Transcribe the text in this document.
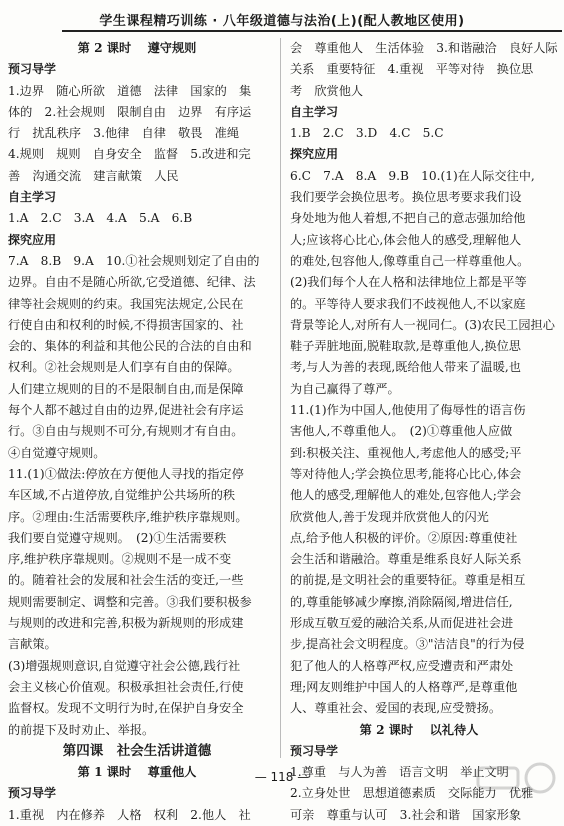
学生课程精巧训练 · 八年级道德与法治(上)(配人教地区使用)
第 2 课时　 遵守规则
预习导学
1.边界　随心所欲　道德　法律　国家的　集
体的　2.社会规则　限制自由　边界　有序运
行　扰乱秩序　3.他律　自律　敬畏　准绳
4.规则　规则　自身安全　监督　5.改进和完
善　沟通交流　建言献策　人民
自主学习
1.A　2.C　3.A　4.A　5.A　6.B
探究应用
7.A　8.B　9.A　10.①社会规则划定了自由的
边界。自由不是随心所欲,它受道德、纪律、法
律等社会规则的约束。我国宪法规定,公民在
行使自由和权利的时候,不得损害国家的、社
会的、集体的利益和其他公民的合法的自由和
权利。②社会规则是人们享有自由的保障。
人们建立规则的目的不是限制自由,而是保障
每个人都不越过自由的边界,促进社会有序运
行。③自由与规则不可分,有规则才有自由。
④自觉遵守规则。
11.(1)①做法:停放在方便他人寻找的指定停
车区域,不占道停放,自觉维护公共场所的秩
序。②理由:生活需要秩序,维护秩序靠规则。
我们要自觉遵守规则。　(2)①生活需要秩
序,维护秩序靠规则。②规则不是一成不变
的。随着社会的发展和社会生活的变迁,一些
规则需要制定、调整和完善。③我们要积极参
与规则的改进和完善,积极为新规则的形成建
言献策。
(3)增强规则意识,自觉遵守社会公德,践行社
会主义核心价值观。积极承担社会责任,行使
监督权。发现不文明行为时,在保护自身安全
的前提下及时劝止、举报。
第四课　社会生活讲道德
第 1 课时　 尊重他人
预习导学
1.重视　内在修养　人格　权利　2.他人　社
会　尊重他人　生活体验　3.和谐融洽　良好人际
关系　重要特征　4.重视　平等对待　换位思
考　欣赏他人
自主学习
1.B　2.C　3.D　4.C　5.C
探究应用
6.C　7.A　8.A　9.B　10.(1)在人际交往中,
我们要学会换位思考。换位思考要求我们设
身处地为他人着想,不把自己的意志强加给他
人;应该将心比心,体会他人的感受,理解他人
的难处,包容他人,像尊重自己一样尊重他人。
(2)我们每个人在人格和法律地位上都是平等
的。平等待人要求我们不歧视他人,不以家庭
背景等论人,对所有人一视同仁。(3)农民工园担心
鞋子弄脏地面,脱鞋取款,是尊重他人,换位思
考,与人为善的表现,既给他人带来了温暖,也
为自己赢得了尊严。
11.(1)作为中国人,他使用了侮辱性的语言伤
害他人,不尊重他人。　(2)①尊重他人应做
到:积极关注、重视他人,考虑他人的感受;平
等对待他人;学会换位思考,能将心比心,体会
他人的感受,理解他人的难处,包容他人;学会
欣赏他人,善于发现并欣赏他人的闪光
点,给予他人积极的评价。②原因:尊重使社
会生活和谐融洽。尊重是维系良好人际关系
的前提,是文明社会的重要特征。尊重是相互
的,尊重能够减少摩擦,消除隔阂,增进信任,
形成互敬互爱的融洽关系,从而促进社会进
步,提高社会文明程度。③"洁洁良"的行为侵
犯了他人的人格尊严权,应受遭责和严肃处
理;网友则维护中国人的人格尊严,是尊重他
人、尊重社会、爱国的表现,应受赞扬。
第 2 课时　 以礼待人
预习导学
1.尊重　与人为善　语言文明　举止文明
2.立身处世　思想道德素质　交际能力　优雅
可亲　尊重与认可　3.社会和谐　国家形象
— 118 —
